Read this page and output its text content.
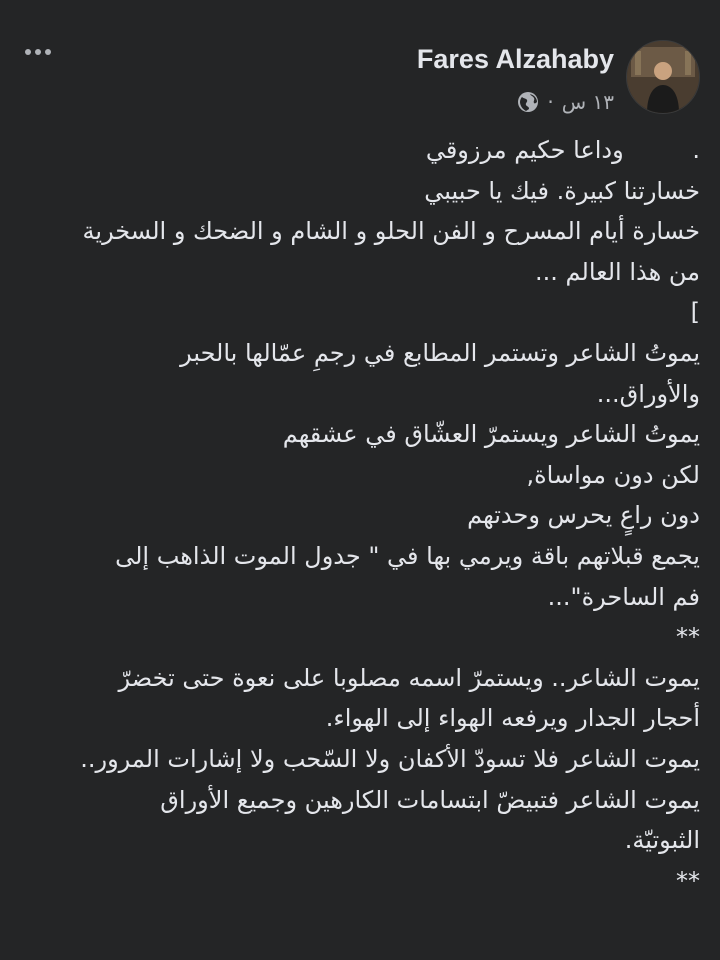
Fares Alzahaby
١٣ س
·
.         وداعا حكيم مرزوقي
خسارتنا كبيرة. فيك يا حبيبي
خسارة أيام المسرح و الفن الحلو و الشام و الضحك و السخرية
من هذا العالم ...
]
يموتُ الشاعر وتستمر المطابع في رجمِ عمّالها بالحبر
والأوراق...
يموتُ الشاعر ويستمرّ العشّاق في عشقهم
لكن دون مواساة,
دون راعٍ يحرس وحدتهم
يجمع قبلاتهم باقة ويرمي بها في " جدول الموت الذاهب إلى
فم الساحرة"...
**
يموت الشاعر.. ويستمرّ اسمه مصلوبا على نعوة حتى تخضرّ
أحجار الجدار ويرفعه الهواء إلى الهواء.
يموت الشاعر فلا تسودّ الأكفان ولا السّحب ولا إشارات المرور..
يموت الشاعر فتبيضّ ابتسامات الكارهين وجميع الأوراق
الثبوتيّة.
**
